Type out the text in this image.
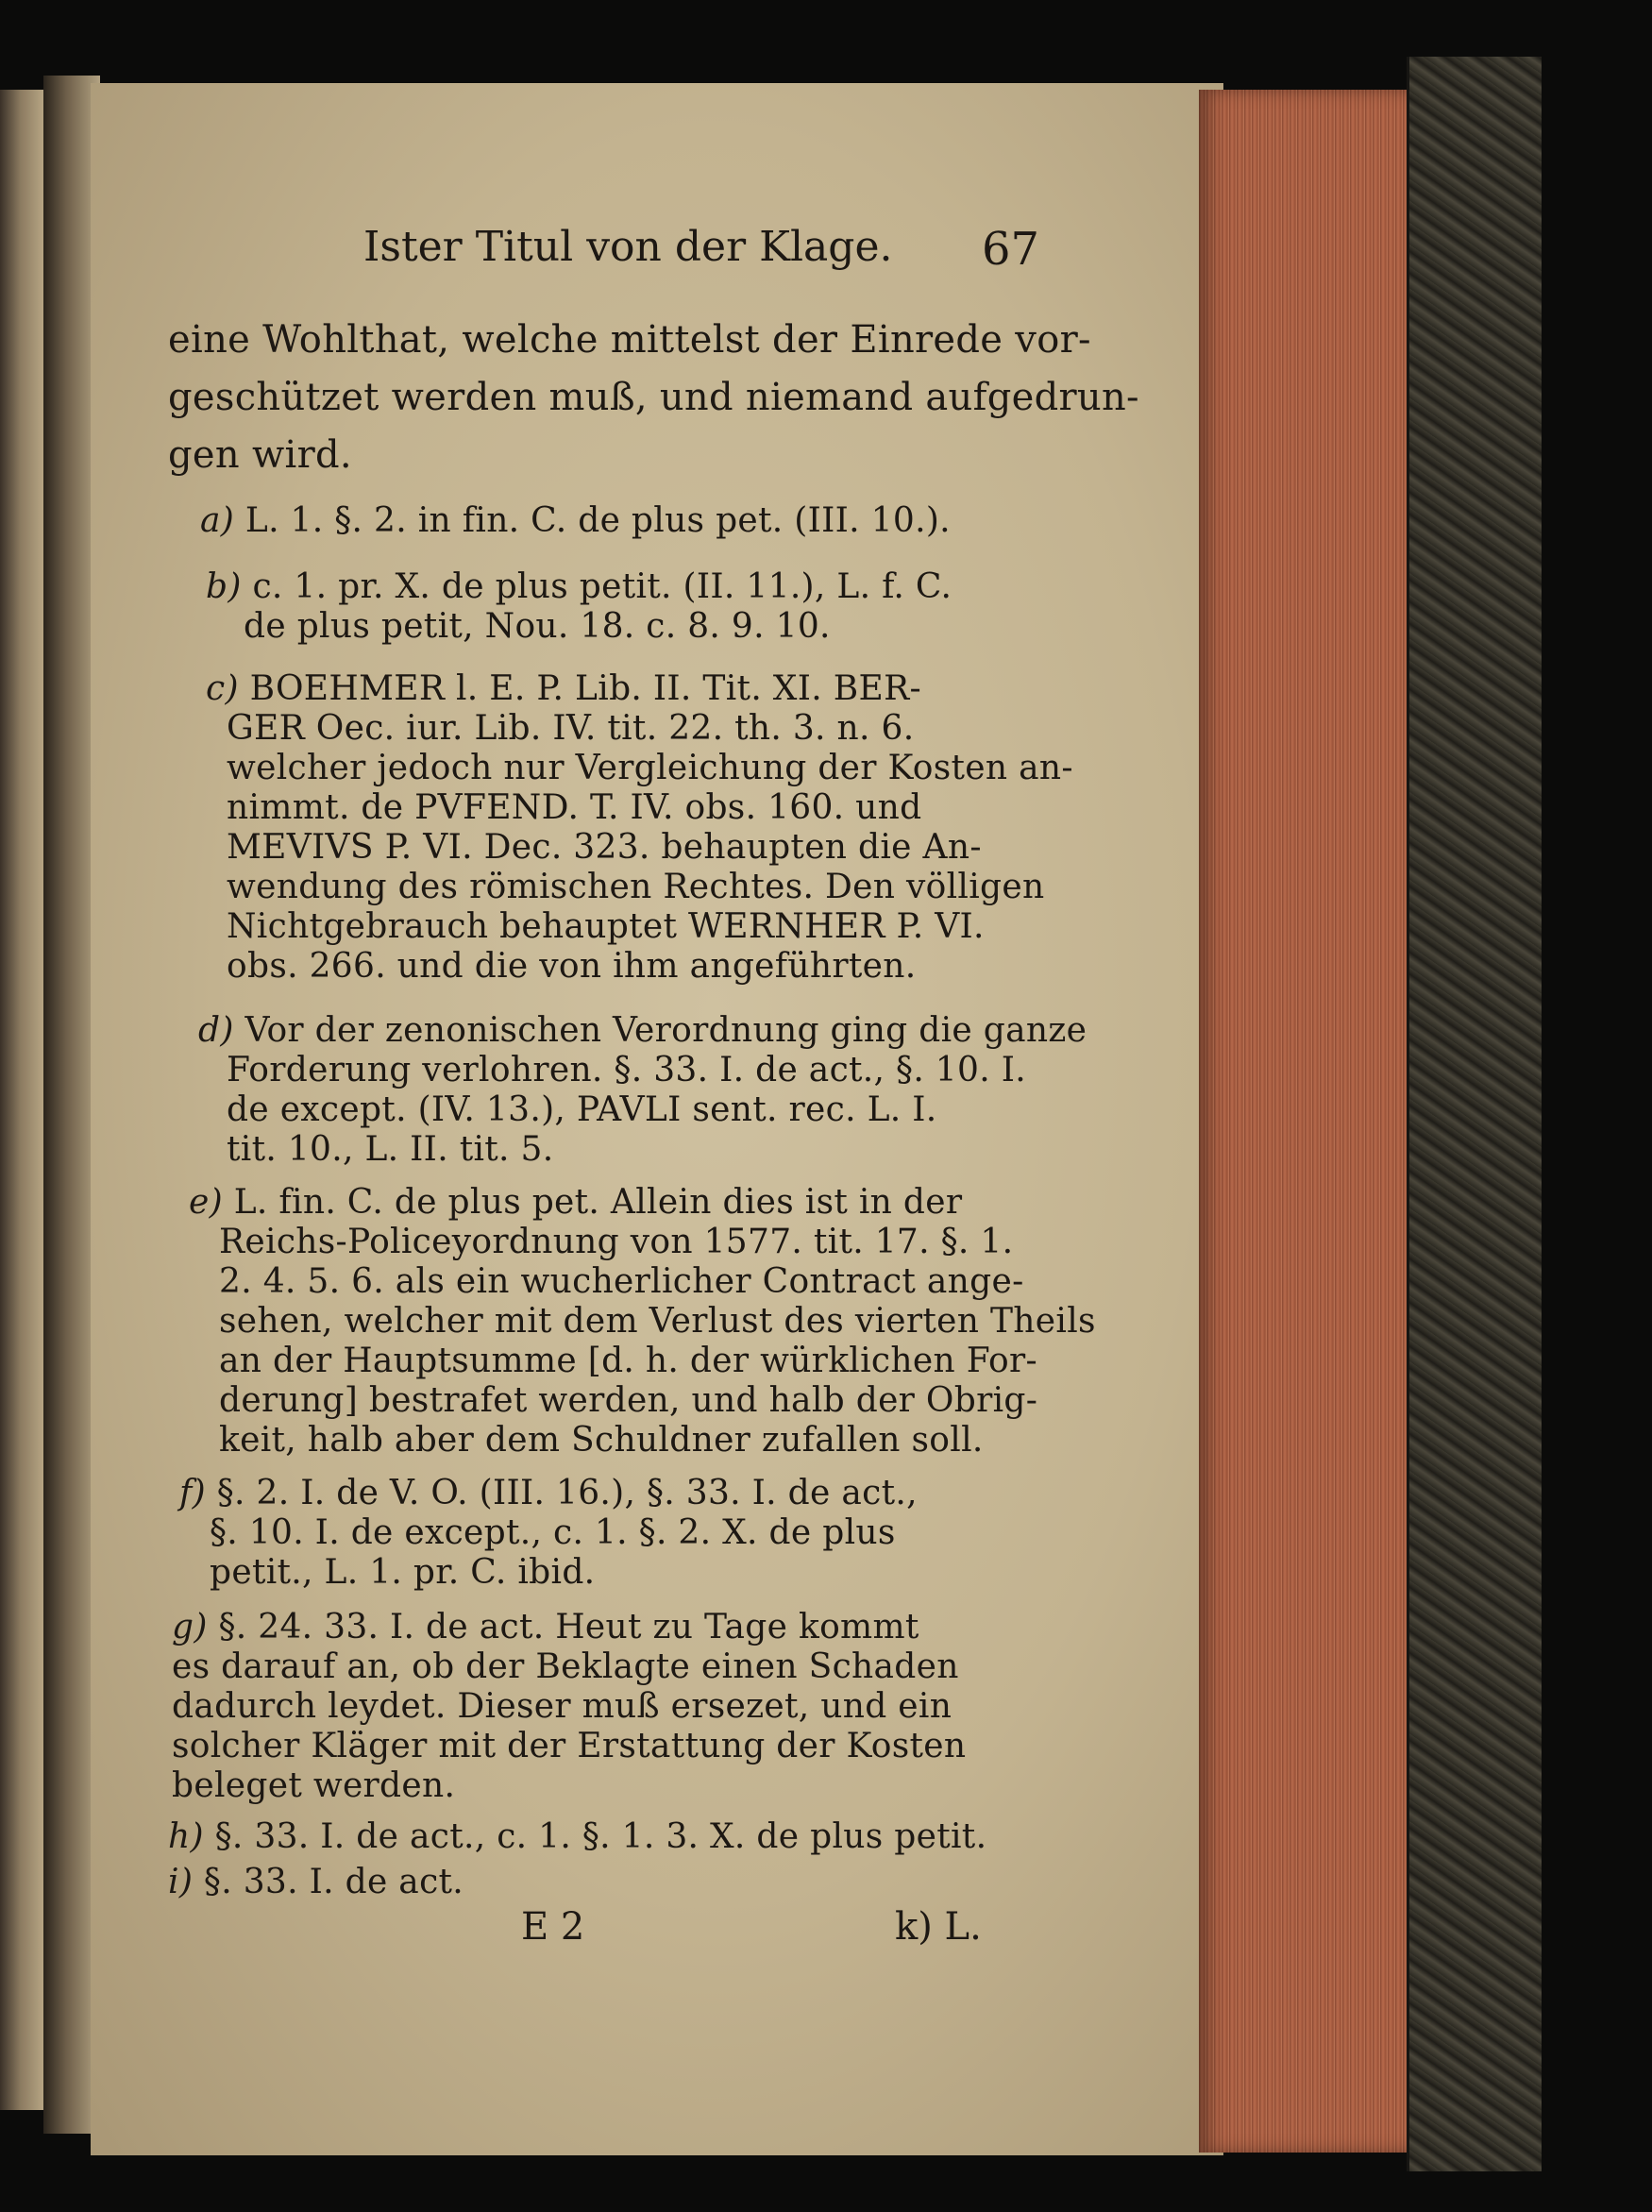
Ister Titul von der Klage. 67
eine Wohlthat, welche mittelst der Einrede vor-
geschützet werden muß, und niemand aufgedrun-
gen wird.
a) L. 1. §. 2. in fin. C. de plus pet. (III. 10.).
b) c. 1. pr. X. de plus petit. (II. 11.), L. f. C.
de plus petit, Nou. 18. c. 8. 9. 10.
c) BOEHMER l. E. P. Lib. II. Tit. XI. BER-
GER Oec. iur. Lib. IV. tit. 22. th. 3. n. 6.
welcher jedoch nur Vergleichung der Kosten an-
nimmt. de PVFEND. T. IV. obs. 160. und
MEVIVS P. VI. Dec. 323. behaupten die An-
wendung des römischen Rechtes. Den völligen
Nichtgebrauch behauptet WERNHER P. VI.
obs. 266. und die von ihm angeführten.
d) Vor der zenonischen Verordnung ging die ganze
Forderung verlohren. §. 33. I. de act., §. 10. I.
de except. (IV. 13.), PAVLI sent. rec. L. I.
tit. 10., L. II. tit. 5.
e) L. fin. C. de plus pet. Allein dies ist in der
Reichs-Policeyordnung von 1577. tit. 17. §. 1.
2. 4. 5. 6. als ein wucherlicher Contract ange-
sehen, welcher mit dem Verlust des vierten Theils
an der Hauptsumme [d. h. der würklichen For-
derung] bestrafet werden, und halb der Obrig-
keit, halb aber dem Schuldner zufallen soll.
f) §. 2. I. de V. O. (III. 16.), §. 33. I. de act.,
§. 10. I. de except., c. 1. §. 2. X. de plus
petit., L. 1. pr. C. ibid.
g) §. 24. 33. I. de act. Heut zu Tage kommt
es darauf an, ob der Beklagte einen Schaden
dadurch leydet. Dieser muß ersezet, und ein
solcher Kläger mit der Erstattung der Kosten
beleget werden.
h) §. 33. I. de act., c. 1. §. 1. 3. X. de plus petit.
i) §. 33. I. de act.
E 2	k) L.
